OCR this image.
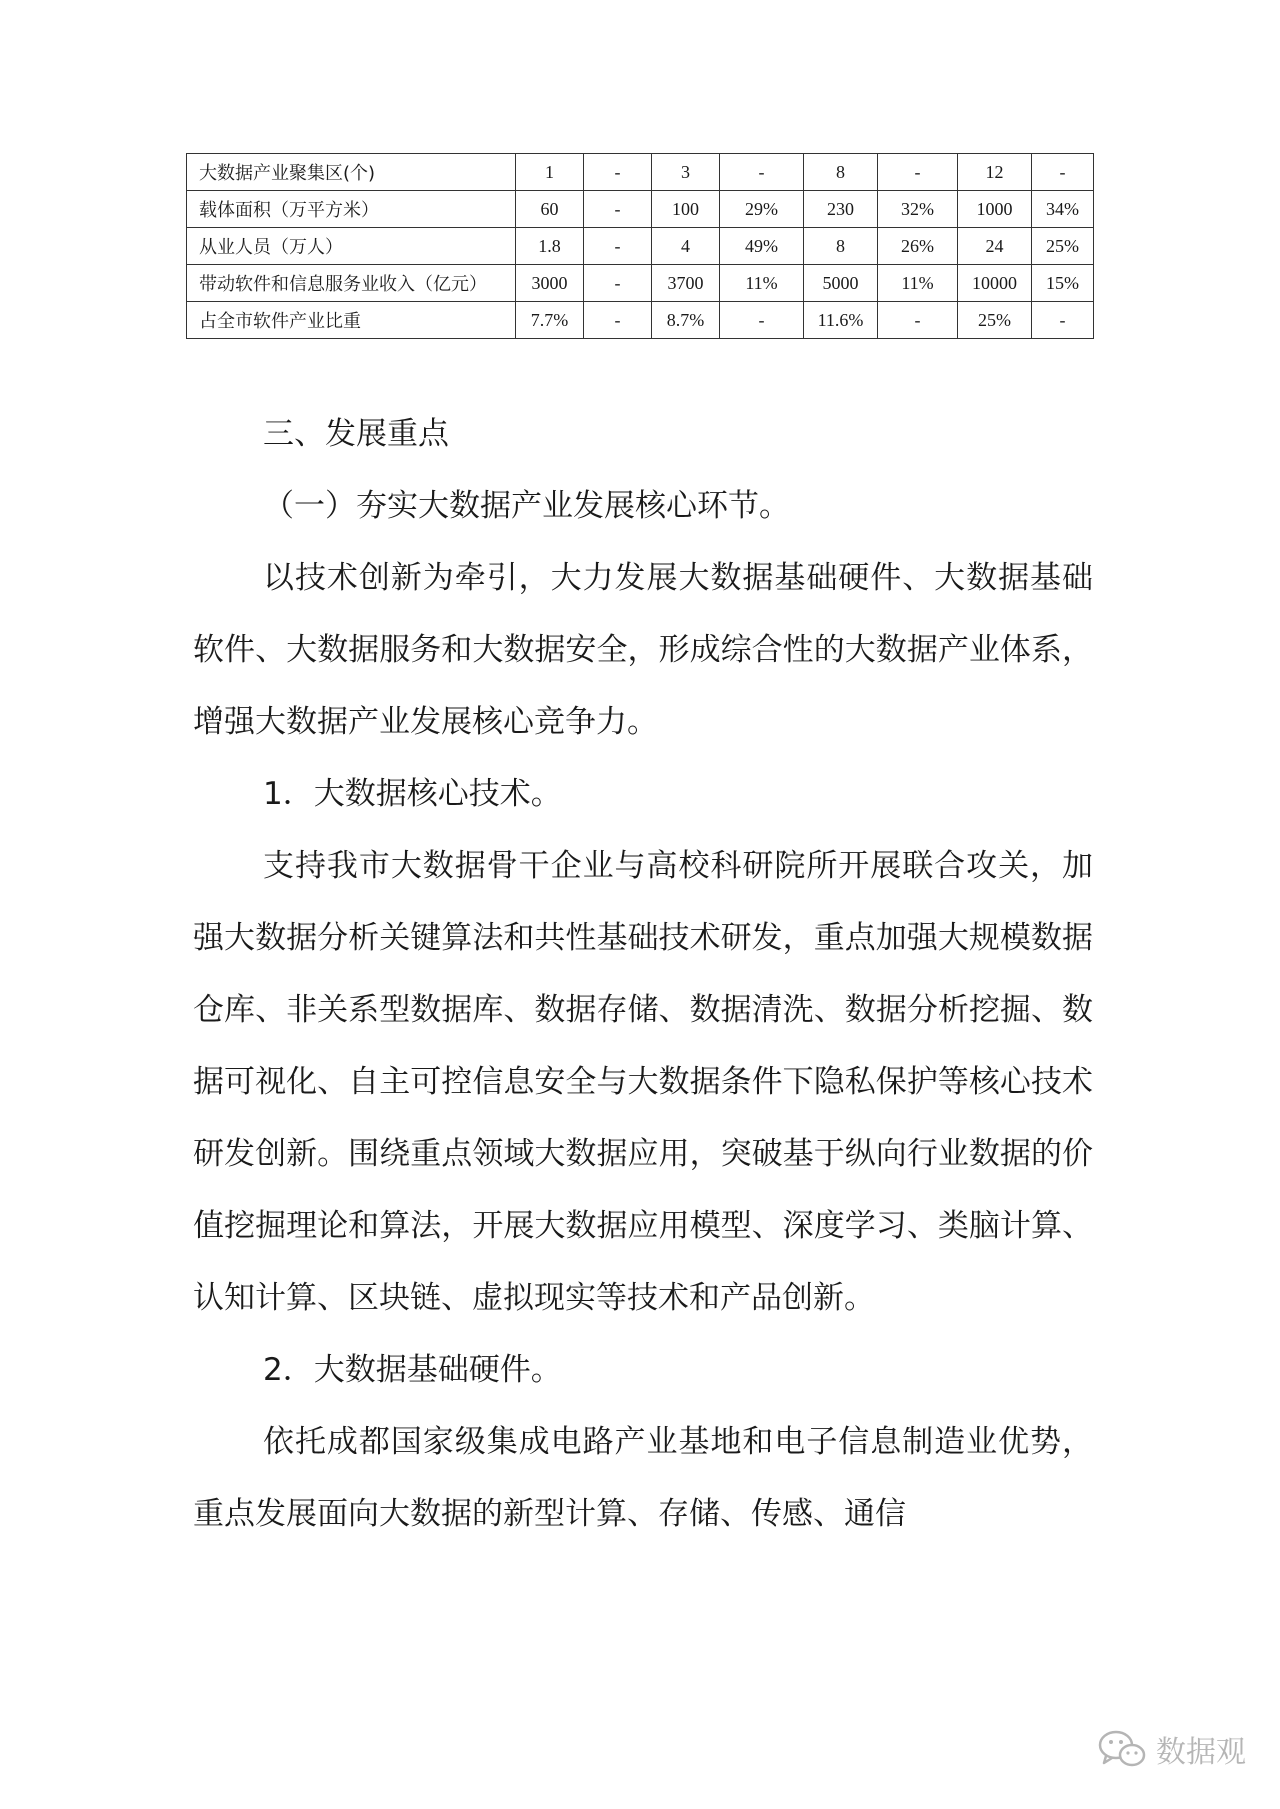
大数据产业聚集区(个)	1	-	3	-	8	-	12	-
载体面积（万平方米）	60	-	100	29%	230	32%	1000	34%
从业人员（万人）	1.8	-	4	49%	8	26%	24	25%
带动软件和信息服务业收入（亿元）	3000	-	3700	11%	5000	11%	10000	15%
占全市软件产业比重	7.7%	-	8.7%	-	11.6%	-	25%	-

三、发展重点

（一）夯实大数据产业发展核心环节。

以技术创新为牵引，大力发展大数据基础硬件、大数据基础软件、大数据服务和大数据安全，形成综合性的大数据产业体系，增强大数据产业发展核心竞争力。

1．大数据核心技术。

支持我市大数据骨干企业与高校科研院所开展联合攻关，加强大数据分析关键算法和共性基础技术研发，重点加强大规模数据仓库、非关系型数据库、数据存储、数据清洗、数据分析挖掘、数据可视化、自主可控信息安全与大数据条件下隐私保护等核心技术研发创新。围绕重点领域大数据应用，突破基于纵向行业数据的价值挖掘理论和算法，开展大数据应用模型、深度学习、类脑计算、认知计算、区块链、虚拟现实等技术和产品创新。

2．大数据基础硬件。

依托成都国家级集成电路产业基地和电子信息制造业优势，重点发展面向大数据的新型计算、存储、传感、通信

数据观
